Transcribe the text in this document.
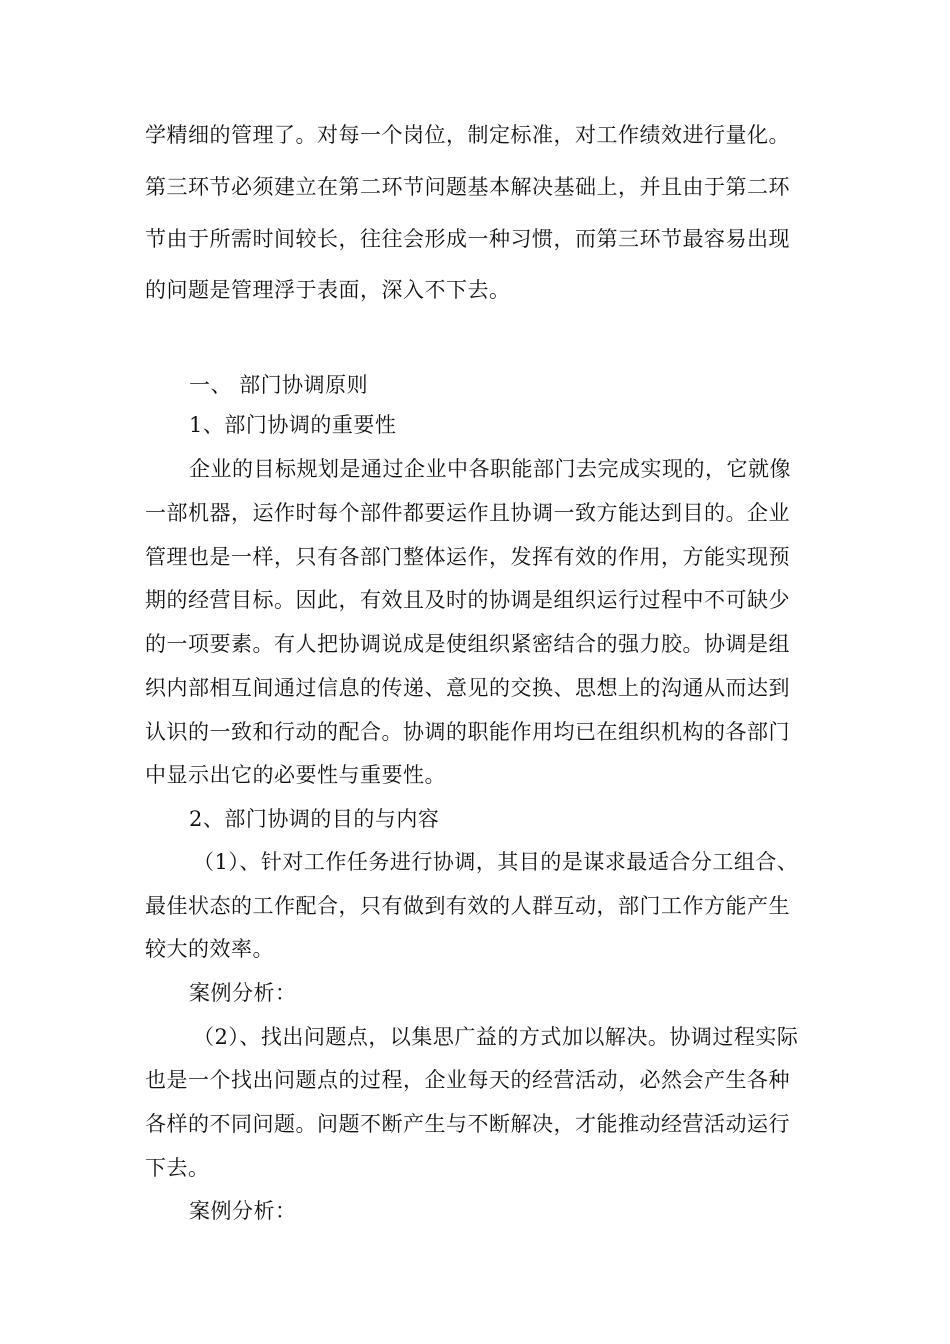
学精细的管理了。对每一个岗位，制定标准，对工作绩效进行量化。
第三环节必须建立在第二环节问题基本解决基础上，并且由于第二环
节由于所需时间较长，往往会形成一种习惯，而第三环节最容易出现
的问题是管理浮于表面，深入不下去。
一、 部门协调原则
1、部门协调的重要性
企业的目标规划是通过企业中各职能部门去完成实现的，它就像
一部机器，运作时每个部件都要运作且协调一致方能达到目的。企业
管理也是一样，只有各部门整体运作，发挥有效的作用，方能实现预
期的经营目标。因此，有效且及时的协调是组织运行过程中不可缺少
的一项要素。有人把协调说成是使组织紧密结合的强力胶。协调是组
织内部相互间通过信息的传递、意见的交换、思想上的沟通从而达到
认识的一致和行动的配合。协调的职能作用均已在组织机构的各部门
中显示出它的必要性与重要性。
2、部门协调的目的与内容
（1）、针对工作任务进行协调，其目的是谋求最适合分工组合、
最佳状态的工作配合，只有做到有效的人群互动，部门工作方能产生
较大的效率。
案例分析：
（2）、找出问题点，以集思广益的方式加以解决。协调过程实际
也是一个找出问题点的过程，企业每天的经营活动，必然会产生各种
各样的不同问题。问题不断产生与不断解决，才能推动经营活动运行
下去。
案例分析：
